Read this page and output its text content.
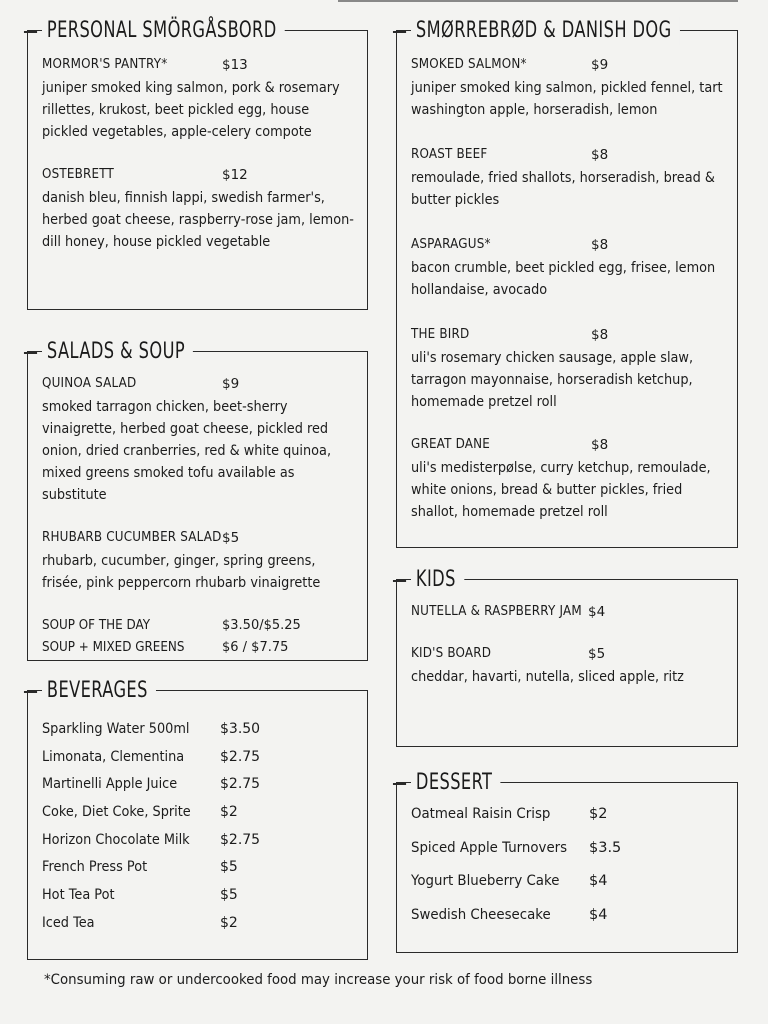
PERSONAL SMÖRGÅSBORD
MORMOR'S PANTRY*	$13
juniper smoked king salmon, pork & rosemary rillettes, krukost, beet pickled egg, house pickled vegetables, apple-celery compote
OSTEBRETT	$12
danish bleu, finnish lappi, swedish farmer's, herbed goat cheese, raspberry-rose jam, lemon-dill honey, house pickled vegetable
SALADS & SOUP
QUINOA SALAD	$9
smoked tarragon chicken, beet-sherry vinaigrette, herbed goat cheese, pickled red onion, dried cranberries, red & white quinoa, mixed greens smoked tofu available as substitute
RHUBARB CUCUMBER SALAD $5
rhubarb, cucumber, ginger, spring greens, frisée, pink peppercorn rhubarb vinaigrette
SOUP OF THE DAY	$3.50/$5.25
SOUP + MIXED GREENS	$6 / $7.75
BEVERAGES
Sparkling Water 500ml $3.50
Limonata, Clementina	$2.75
Martinelli Apple Juice	$2.75
Coke, Diet Coke, Sprite $2
Horizon Chocolate Milk $2.75
French Press Pot	$5
Hot Tea Pot	$5
Iced Tea	$2
SMØRREBRØD & DANISH DOG
SMOKED SALMON*	$9
juniper smoked king salmon, pickled fennel, tart washington apple, horseradish, lemon
ROAST BEEF	$8
remoulade, fried shallots, horseradish, bread & butter pickles
ASPARAGUS*	$8
bacon crumble, beet pickled egg, frisee, lemon hollandaise, avocado
THE BIRD	$8
uli's rosemary chicken sausage, apple slaw, tarragon mayonnaise, horseradish ketchup, homemade pretzel roll
GREAT DANE	$8
uli's medisterpølse, curry ketchup, remoulade, white onions, bread & butter pickles, fried shallot, homemade pretzel roll
KIDS
NUTELLA & RASPBERRY JAM $4
KID'S BOARD	$5
cheddar, havarti, nutella, sliced apple, ritz
DESSERT
Oatmeal Raisin Crisp	$2
Spiced Apple Turnovers $3.5
Yogurt Blueberry Cake $4
Swedish Cheesecake	$4
*Consuming raw or undercooked food may increase your risk of food borne illness
